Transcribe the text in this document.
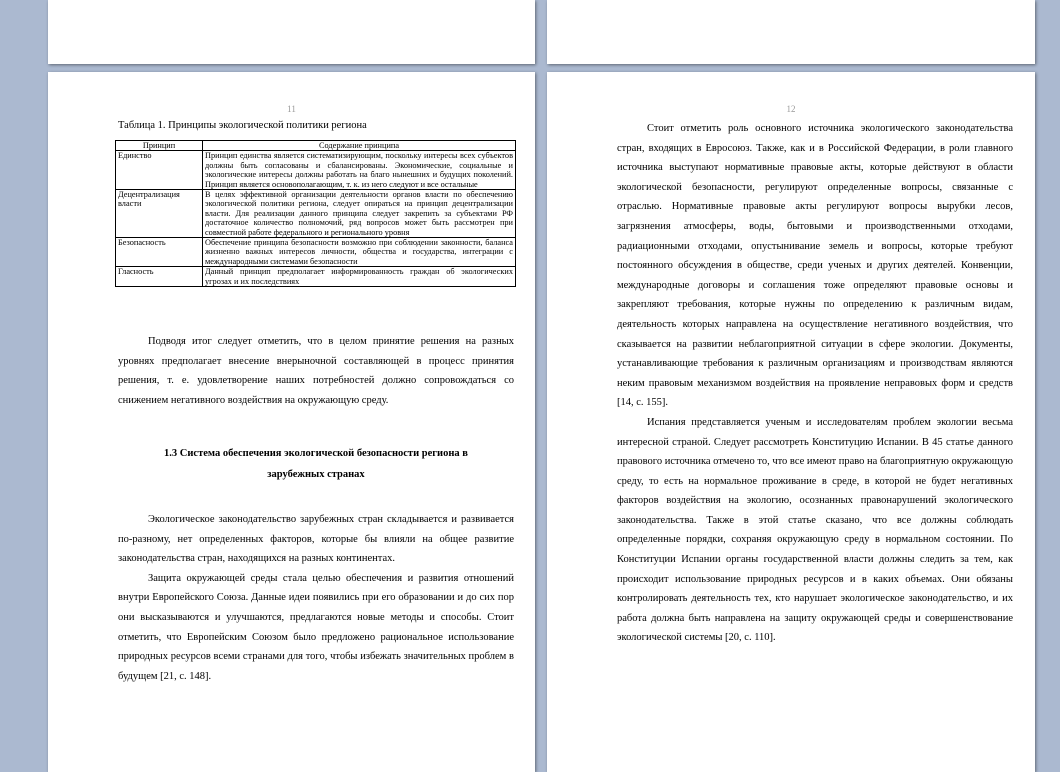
11
Таблица 1. Принципы экологической политики региона
Принцип	Содержание принципа
Единство	Принцип единства является систематизирующим, поскольку интересы всех субъектов должны быть согласованы и сбалансированы. Экономические, социальные и экологические интересы должны работать на благо нынешних и будущих поколений. Принцип является основополагающим, т. к. из него следуют и все остальные
Децентрализация власти	В целях эффективной организации деятельности органов власти по обеспечению экологической политики региона, следует опираться на принцип децентрализации власти. Для реализации данного принципа следует закрепить за субъектами РФ достаточное количество полномочий, ряд вопросов может быть рассмотрен при совместной работе федерального и регионального уровня
Безопасность	Обеспечение принципа безопасности возможно при соблюдении законности, баланса жизненно важных интересов личности, общества и государства, интеграции с международными системами безопасности
Гласность	Данный принцип предполагает информированность граждан об экологических угрозах и их последствиях

Подводя итог следует отметить, что в целом принятие решения на разных уровнях предполагает внесение внерыночной составляющей в процесс принятия решения, т. е. удовлетворение наших потребностей должно сопровождаться со снижением негативного воздействия на окружающую среду.

1.3 Система обеспечения экологической безопасности региона в
зарубежных странах

Экологическое законодательство зарубежных стран складывается и развивается по-разному, нет определенных факторов, которые бы влияли на общее развитие законодательства стран, находящихся на разных континентах.

Защита окружающей среды стала целью обеспечения и развития отношений внутри Европейского Союза. Данные идеи появились при его образовании и до сих пор они высказываются и улучшаются, предлагаются новые методы и способы. Стоит отметить, что Европейским Союзом было предложено рациональное использование природных ресурсов всеми странами для того, чтобы избежать значительных проблем в будущем [21, с. 148].

12

Стоит отметить роль основного источника экологического законодательства стран, входящих в Евросоюз. Также, как и в Российской Федерации, в роли главного источника выступают нормативные правовые акты, которые действуют в области экологической безопасности, регулируют определенные вопросы, связанные с отраслью. Нормативные правовые акты регулируют вопросы вырубки лесов, загрязнения атмосферы, воды, бытовыми и производственными отходами, радиационными отходами, опустынивание земель и вопросы, которые требуют постоянного обсуждения в обществе, среди ученых и других деятелей. Конвенции, международные договоры и соглашения тоже определяют правовые основы и закрепляют требования, которые нужны по определению к различным видам, деятельность которых направлена на осуществление негативного воздействия, что сказывается на развитии неблагоприятной ситуации в сфере экологии. Документы, устанавливающие требования к различным организациям и производствам являются неким правовым механизмом воздействия на проявление неправовых форм и средств [14, с. 155].

Испания представляется ученым и исследователям проблем экологии весьма интересной страной. Следует рассмотреть Конституцию Испании. В 45 статье данного правового источника отмечено то, что все имеют право на благоприятную окружающую среду, то есть на нормальное проживание в среде, в которой не будет негативных факторов воздействия на экологию, осознанных правонарушений экологического законодательства. Также в этой статье сказано, что все должны соблюдать определенные порядки, сохраняя окружающую среду в нормальном состоянии. По Конституции Испании органы государственной власти должны следить за тем, как происходит использование природных ресурсов и в каких объемах. Они обязаны контролировать деятельность тех, кто нарушает экологическое законодательство, и их работа должна быть направлена на защиту окружающей среды и совершенствование экологической системы [20, с. 110].
